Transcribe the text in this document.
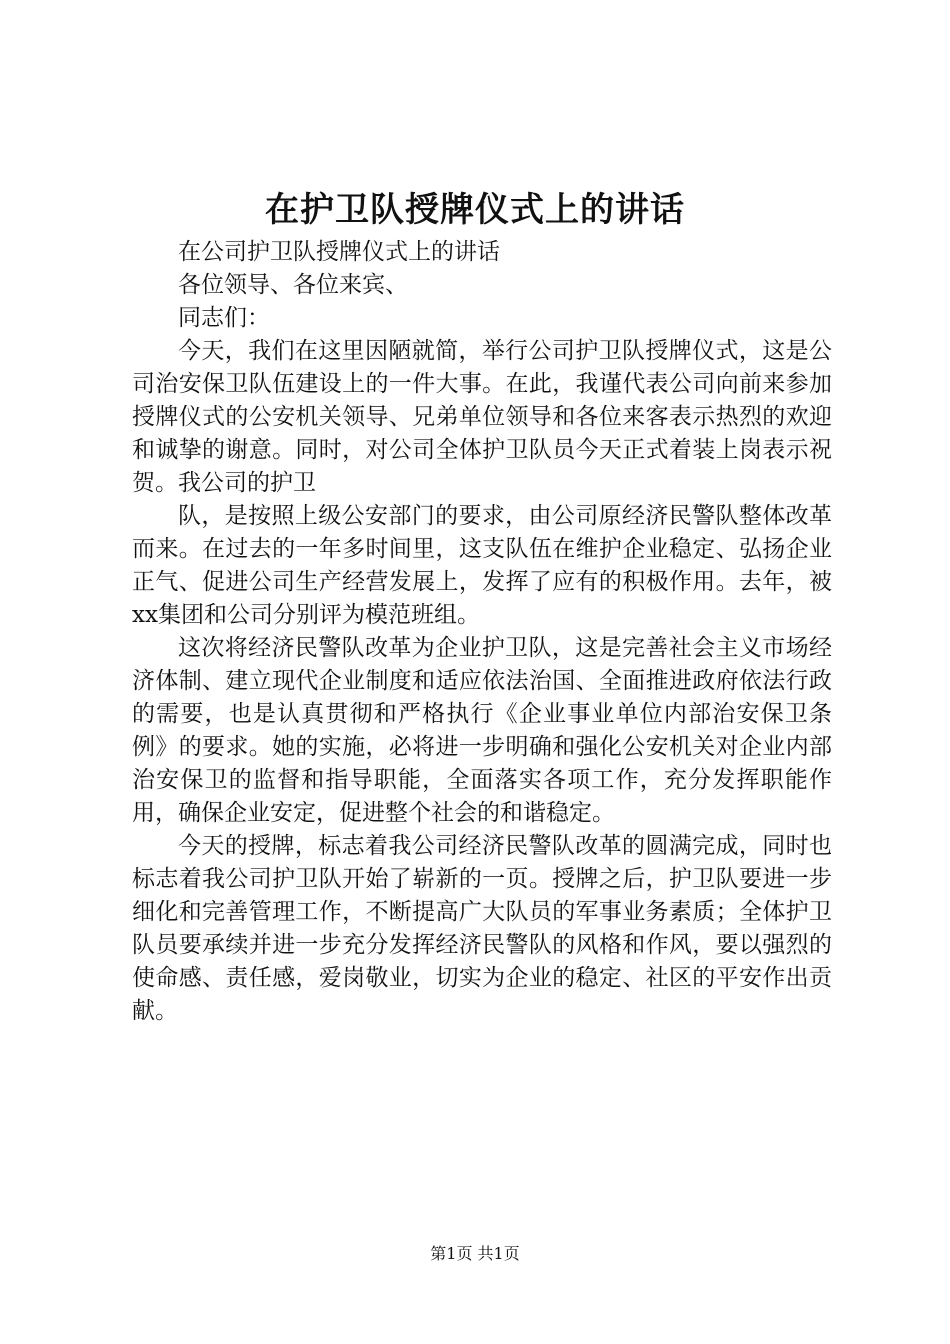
在护卫队授牌仪式上的讲话

在公司护卫队授牌仪式上的讲话

各位领导、各位来宾、

同志们：

今天，我们在这里因陋就简，举行公司护卫队授牌仪式，这是公司治安保卫队伍建设上的一件大事。在此，我谨代表公司向前来参加授牌仪式的公安机关领导、兄弟单位领导和各位来客表示热烈的欢迎和诚挚的谢意。同时，对公司全体护卫队员今天正式着装上岗表示祝贺。我公司的护卫

队，是按照上级公安部门的要求，由公司原经济民警队整体改革而来。在过去的一年多时间里，这支队伍在维护企业稳定、弘扬企业正气、促进公司生产经营发展上，发挥了应有的积极作用。去年，被xx集团和公司分别评为模范班组。

这次将经济民警队改革为企业护卫队，这是完善社会主义市场经济体制、建立现代企业制度和适应依法治国、全面推进政府依法行政的需要，也是认真贯彻和严格执行《企业事业单位内部治安保卫条例》的要求。她的实施，必将进一步明确和强化公安机关对企业内部治安保卫的监督和指导职能，全面落实各项工作，充分发挥职能作用，确保企业安定，促进整个社会的和谐稳定。

今天的授牌，标志着我公司经济民警队改革的圆满完成，同时也标志着我公司护卫队开始了崭新的一页。授牌之后，护卫队要进一步细化和完善管理工作，不断提高广大队员的军事业务素质；全体护卫队员要承续并进一步充分发挥经济民警队的风格和作风，要以强烈的使命感、责任感，爱岗敬业，切实为企业的稳定、社区的平安作出贡献。

第1页 共1页
